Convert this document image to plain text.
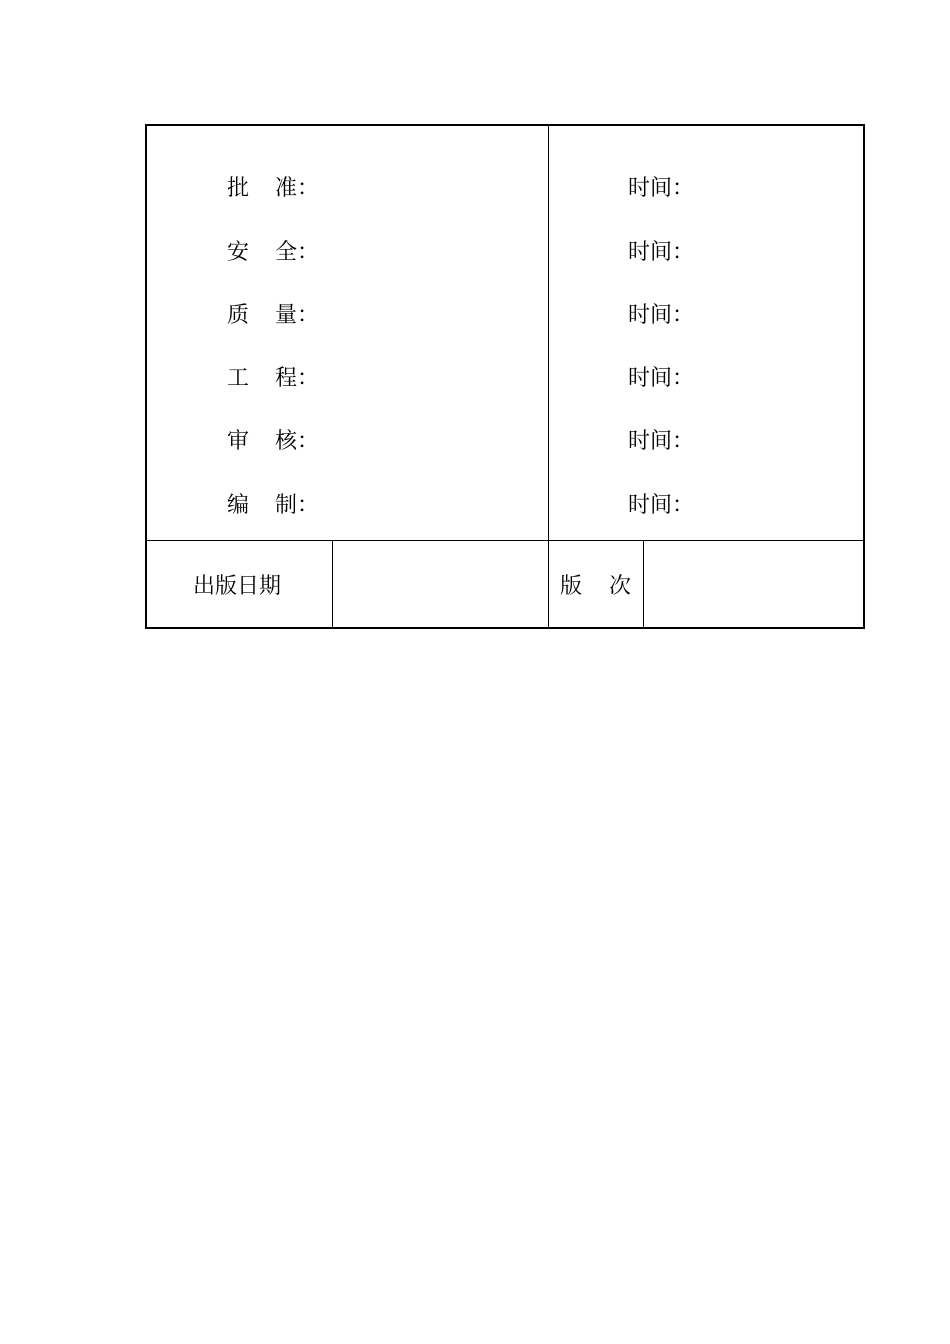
批 准 ：	时间：
安 全 ：	时间：
质 量 ：	时间：
工 程 ：	时间：
审 核 ：	时间：
编 制 ：	时间：
出版日期	版 次
